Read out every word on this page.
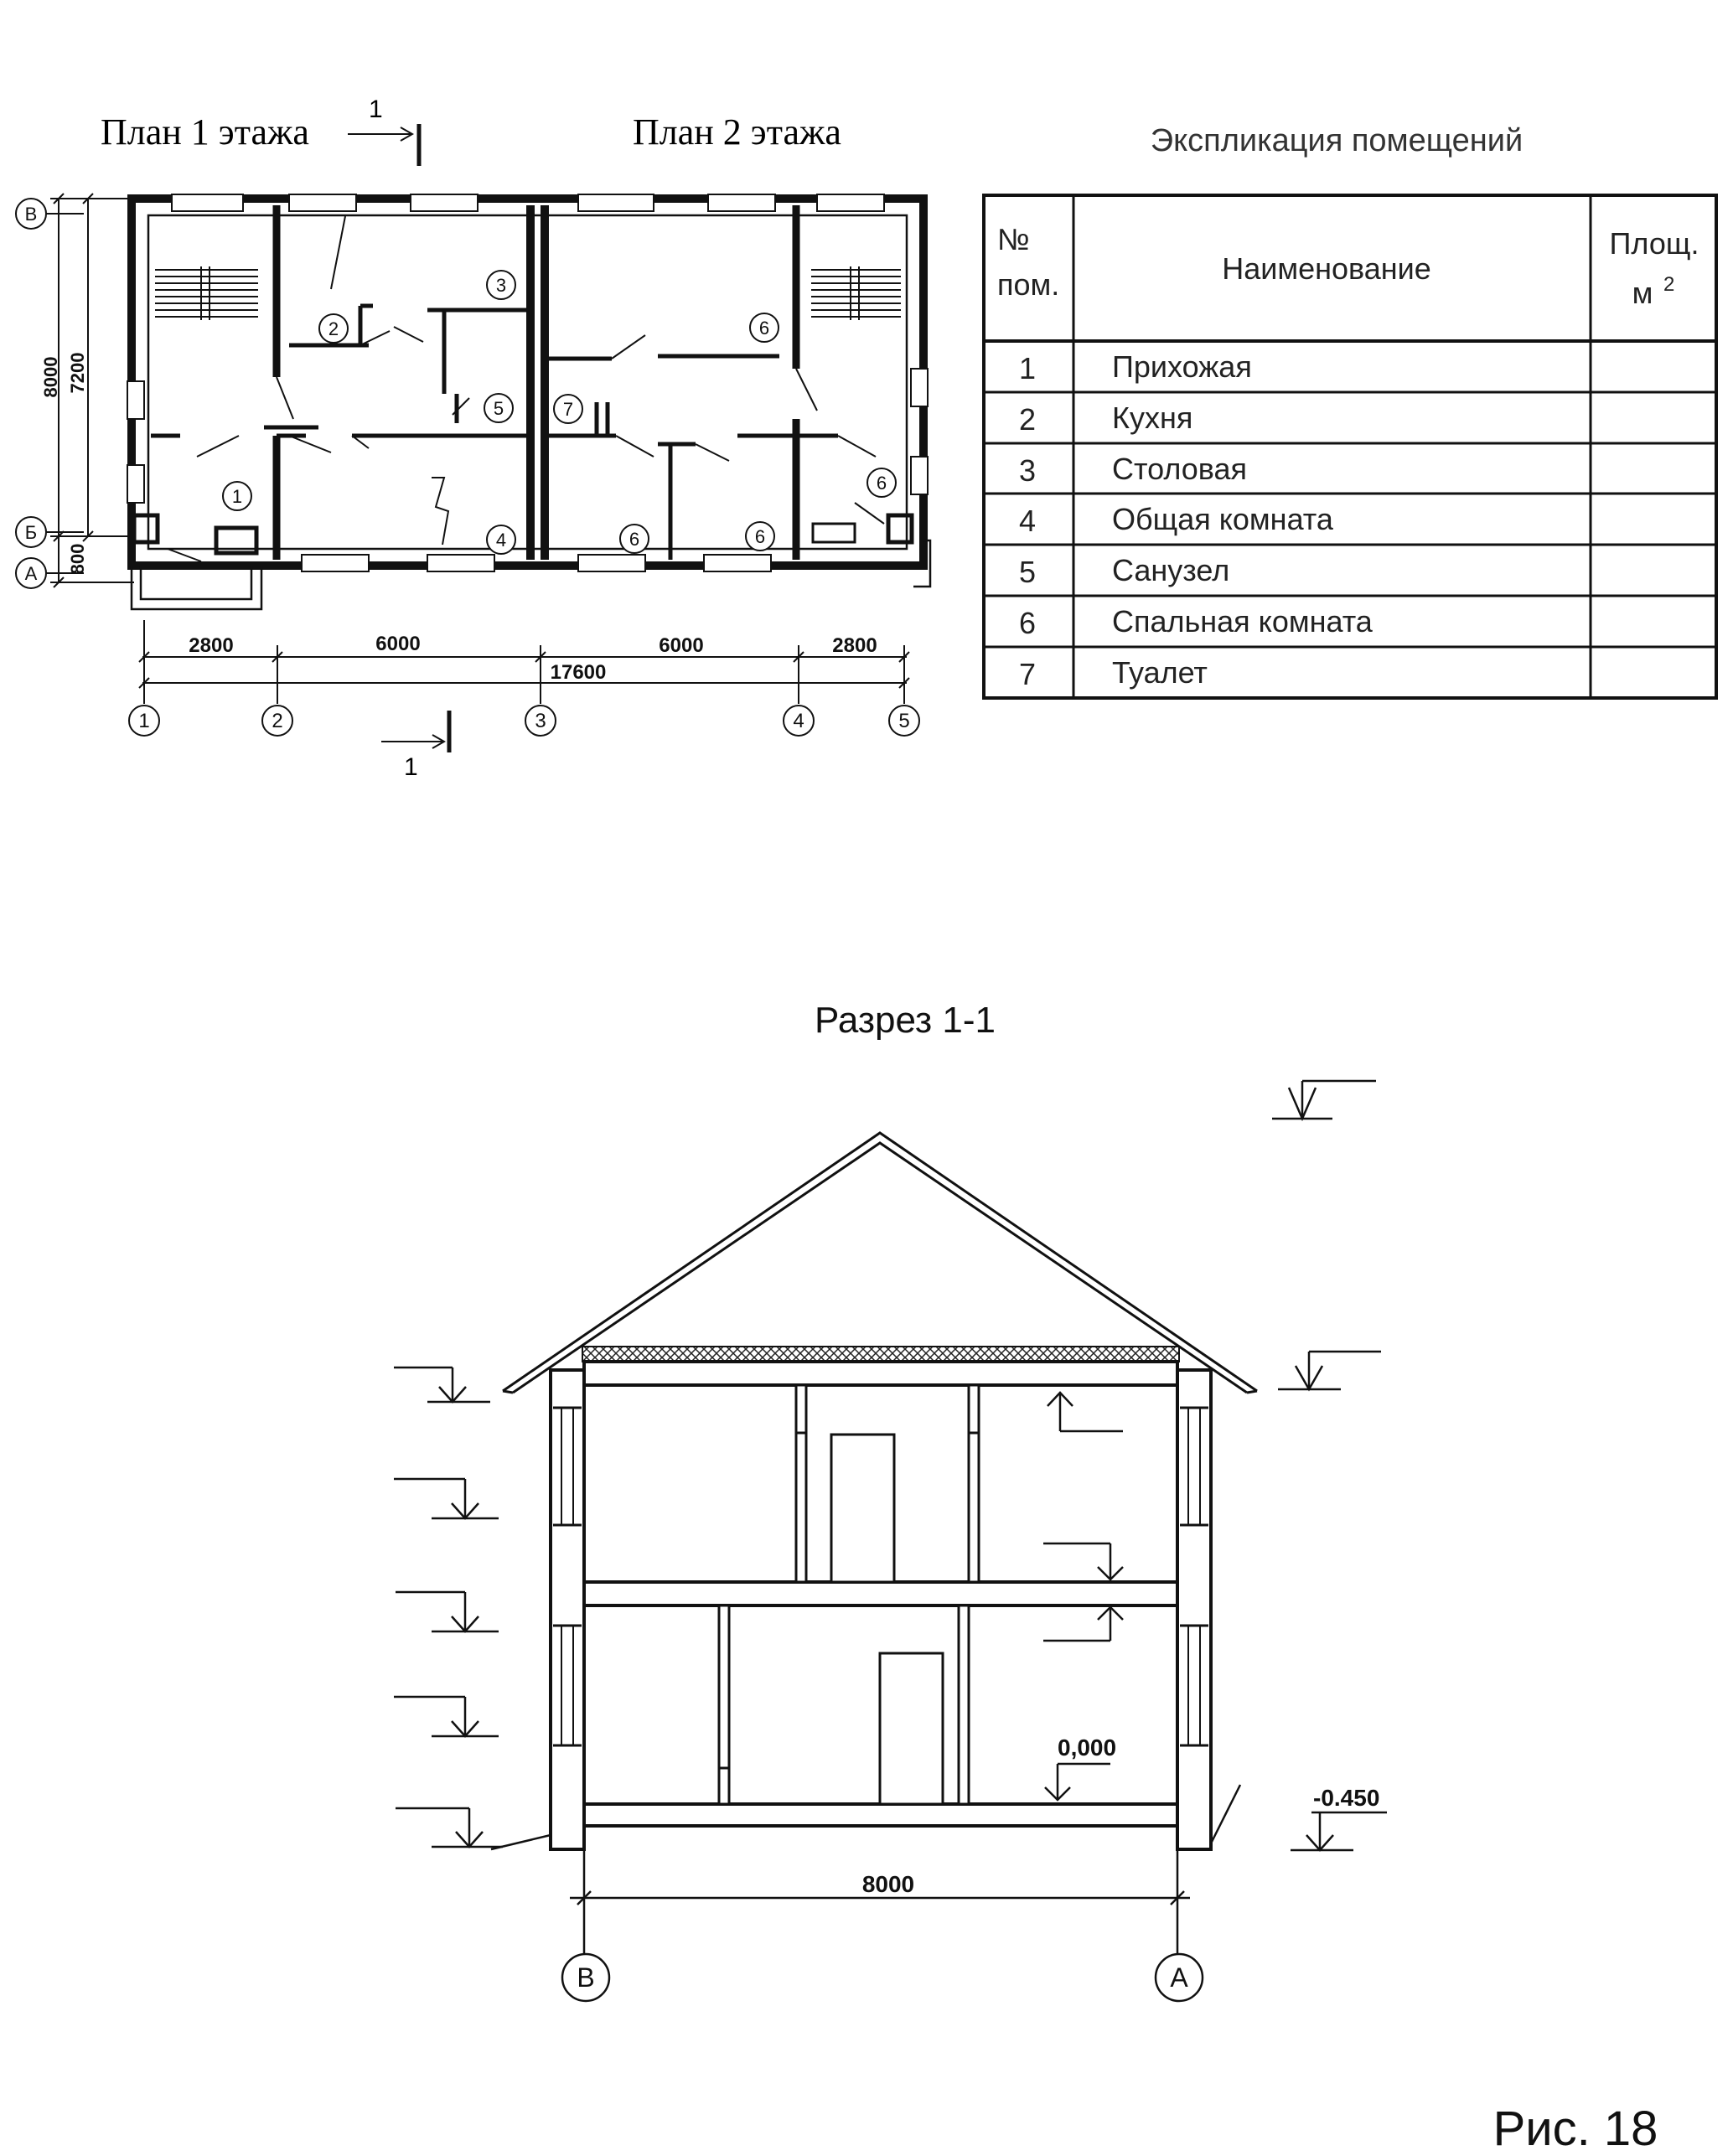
План 1 этажа	План 2 этажа
1
1
2
3
4
5
6
6	6
6
7
8000 7200
800
В
Б
А
2800	6000	6000	2800
17600
1	2	3	4	5
1
Экспликация помещений
№
пом.	Наименование
Площ.
м 2
1	Прихожая
2	Кухня
3	Столовая
4	Общая комната
5	Санузел
6	Спальная комната
7	Туалет
Разрез 1-1
0,000
-0.450
8000
В	А
Рис. 18
